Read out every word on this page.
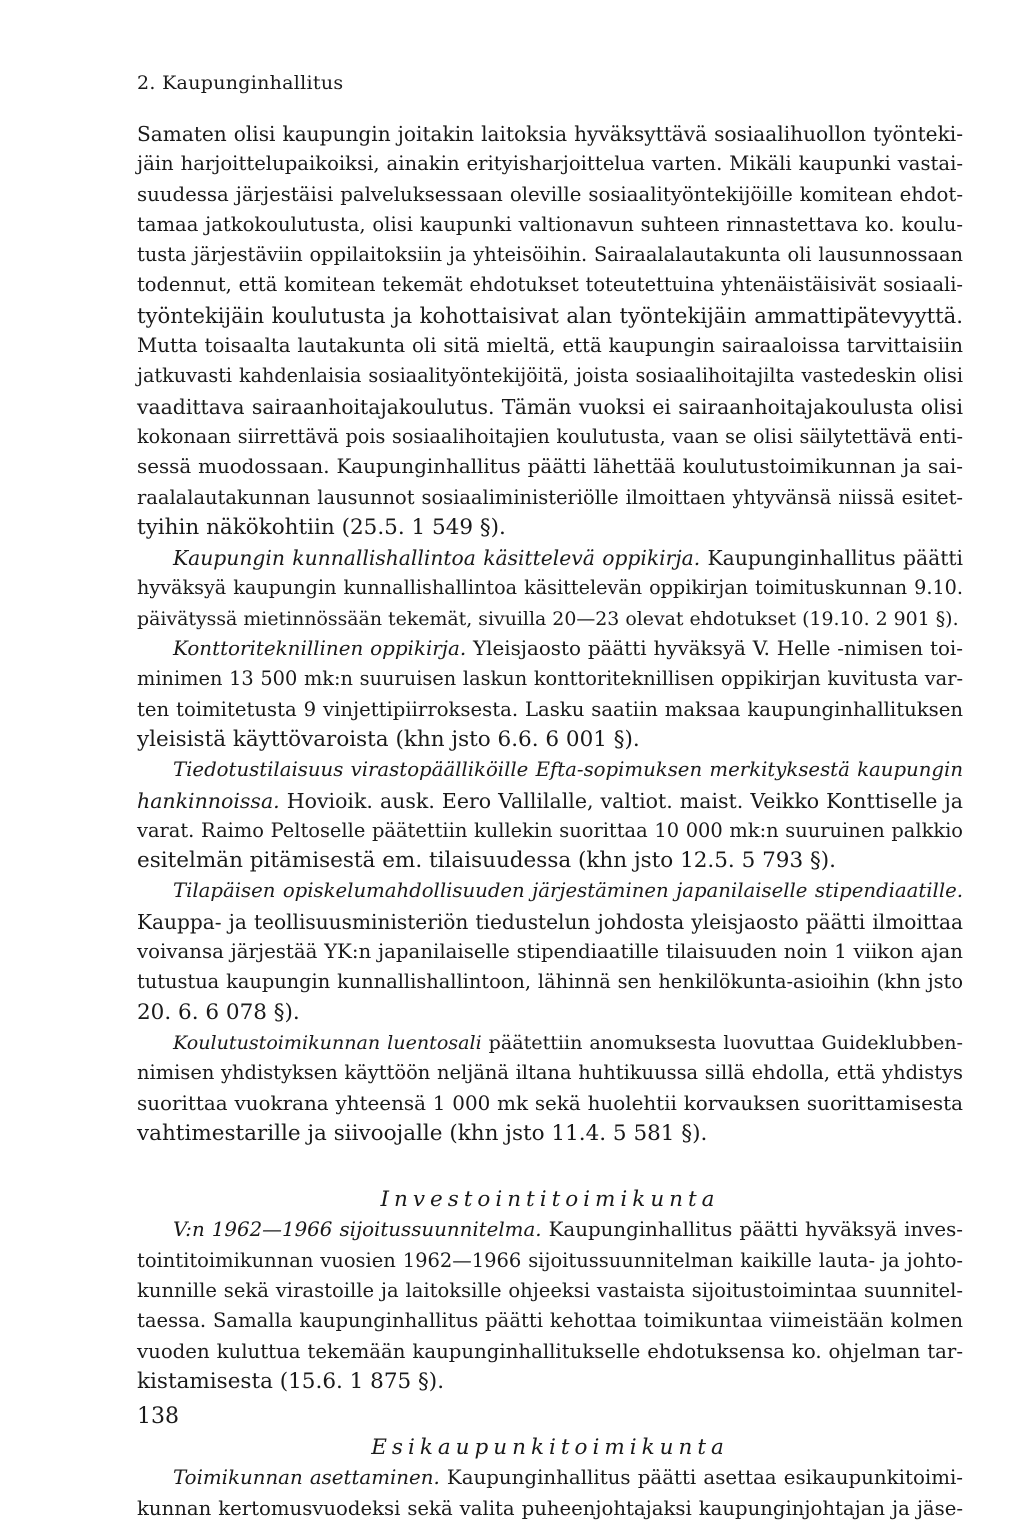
2. Kaupunginhallitus
Samaten olisi kaupungin joitakin laitoksia hyväksyttävä sosiaalihuollon työnteki-
jäin harjoittelupaikoiksi, ainakin erityisharjoittelua varten. Mikäli kaupunki vastai-
suudessa järjestäisi palveluksessaan oleville sosiaalityöntekijöille komitean ehdot-
tamaa jatkokoulutusta, olisi kaupunki valtionavun suhteen rinnastettava ko. koulu-
tusta järjestäviin oppilaitoksiin ja yhteisöihin. Sairaalalautakunta oli lausunnossaan
todennut, että komitean tekemät ehdotukset toteutettuina yhtenäistäisivät sosiaali-
työntekijäin koulutusta ja kohottaisivat alan työntekijäin ammattipätevyyttä.
Mutta toisaalta lautakunta oli sitä mieltä, että kaupungin sairaaloissa tarvittaisiin
jatkuvasti kahdenlaisia sosiaalityöntekijöitä, joista sosiaalihoitajilta vastedeskin olisi
vaadittava sairaanhoitajakoulutus. Tämän vuoksi ei sairaanhoitajakoulusta olisi
kokonaan siirrettävä pois sosiaalihoitajien koulutusta, vaan se olisi säilytettävä enti-
sessä muodossaan. Kaupunginhallitus päätti lähettää koulutustoimikunnan ja sai-
raalalautakunnan lausunnot sosiaaliministeriölle ilmoittaen yhtyvänsä niissä esitet-
tyihin näkökohtiin (25.5. 1 549 §).
Kaupungin kunnallishallintoa käsittelevä oppikirja. Kaupunginhallitus päätti
hyväksyä kaupungin kunnallishallintoa käsittelevän oppikirjan toimituskunnan 9.10.
päivätyssä mietinnössään tekemät, sivuilla 20—23 olevat ehdotukset (19.10. 2 901 §).
Konttoriteknillinen oppikirja. Yleisjaosto päätti hyväksyä V. Helle -nimisen toi-
minimen 13 500 mk:n suuruisen laskun konttoriteknillisen oppikirjan kuvitusta var-
ten toimitetusta 9 vinjettipiirroksesta. Lasku saatiin maksaa kaupunginhallituksen
yleisistä käyttövaroista (khn jsto 6.6. 6 001 §).
Tiedotustilaisuus virastopäälliköille Efta-sopimuksen merkityksestä kaupungin
hankinnoissa. Hovioik. ausk. Eero Vallilalle, valtiot. maist. Veikko Konttiselle ja
varat. Raimo Peltoselle päätettiin kullekin suorittaa 10 000 mk:n suuruinen palkkio
esitelmän pitämisestä em. tilaisuudessa (khn jsto 12.5. 5 793 §).
Tilapäisen opiskelumahdollisuuden järjestäminen japanilaiselle stipendiaatille.
Kauppa- ja teollisuusministeriön tiedustelun johdosta yleisjaosto päätti ilmoittaa
voivansa järjestää YK:n japanilaiselle stipendiaatille tilaisuuden noin 1 viikon ajan
tutustua kaupungin kunnallishallintoon, lähinnä sen henkilökunta-asioihin (khn jsto
20. 6. 6 078 §).
Koulutustoimikunnan luentosali päätettiin anomuksesta luovuttaa Guideklubben-
nimisen yhdistyksen käyttöön neljänä iltana huhtikuussa sillä ehdolla, että yhdistys
suorittaa vuokrana yhteensä 1 000 mk sekä huolehtii korvauksen suorittamisesta
vahtimestarille ja siivoojalle (khn jsto 11.4. 5 581 §).
Investointitoimikunta
V:n 1962—1966 sijoitussuunnitelma. Kaupunginhallitus päätti hyväksyä inves-
tointitoimikunnan vuosien 1962—1966 sijoitussuunnitelman kaikille lauta- ja johto-
kunnille sekä virastoille ja laitoksille ohjeeksi vastaista sijoitustoimintaa suunnitel-
taessa. Samalla kaupunginhallitus päätti kehottaa toimikuntaa viimeistään kolmen
vuoden kuluttua tekemään kaupunginhallitukselle ehdotuksensa ko. ohjelman tar-
kistamisesta (15.6. 1 875 §).
Esikaupunkitoimikunta
Toimikunnan asettaminen. Kaupunginhallitus päätti asettaa esikaupunkitoimi-
kunnan kertomusvuodeksi sekä valita puheenjohtajaksi kaupunginjohtajan ja jäse-
138
